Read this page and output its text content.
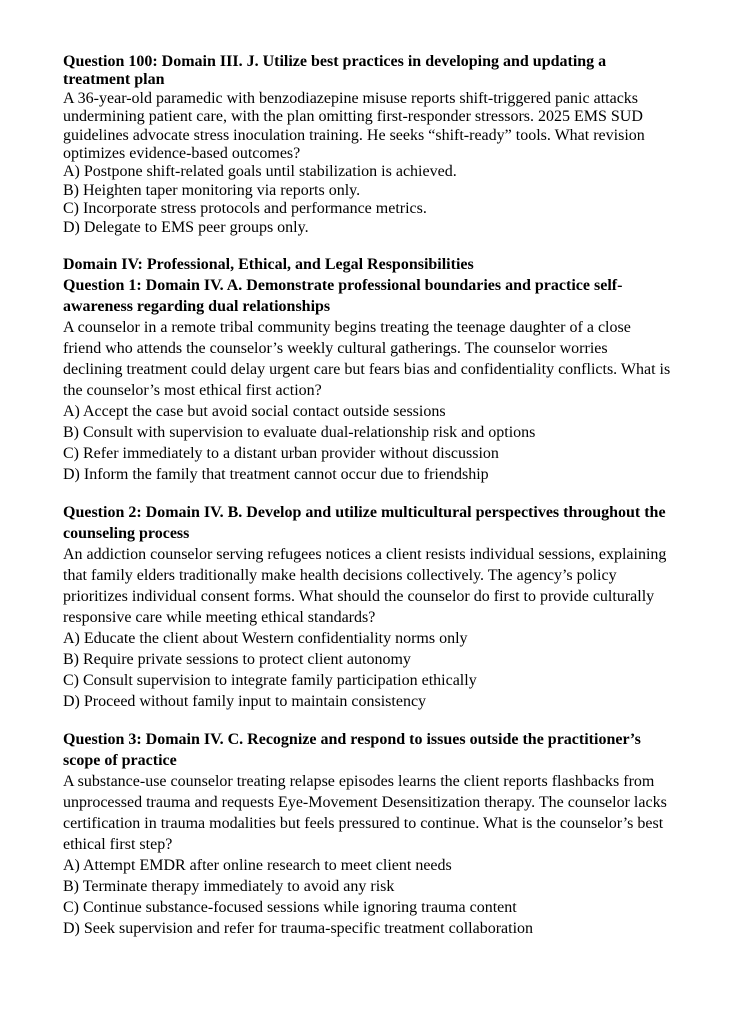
Question 100: Domain III. J. Utilize best practices in developing and updating a treatment plan

A 36-year-old paramedic with benzodiazepine misuse reports shift-triggered panic attacks undermining patient care, with the plan omitting first-responder stressors. 2025 EMS SUD guidelines advocate stress inoculation training. He seeks “shift-ready” tools. What revision optimizes evidence-based outcomes?

A) Postpone shift-related goals until stabilization is achieved.

B) Heighten taper monitoring via reports only.

C) Incorporate stress protocols and performance metrics.

D) Delegate to EMS peer groups only.

Domain IV: Professional, Ethical, and Legal Responsibilities
Question 1: Domain IV. A. Demonstrate professional boundaries and practice self-awareness regarding dual relationships

A counselor in a remote tribal community begins treating the teenage daughter of a close friend who attends the counselor’s weekly cultural gatherings. The counselor worries declining treatment could delay urgent care but fears bias and confidentiality conflicts. What is the counselor’s most ethical first action?

A) Accept the case but avoid social contact outside sessions

B) Consult with supervision to evaluate dual-relationship risk and options

C) Refer immediately to a distant urban provider without discussion

D) Inform the family that treatment cannot occur due to friendship

Question 2: Domain IV. B. Develop and utilize multicultural perspectives throughout the counseling process

An addiction counselor serving refugees notices a client resists individual sessions, explaining that family elders traditionally make health decisions collectively. The agency’s policy prioritizes individual consent forms. What should the counselor do first to provide culturally responsive care while meeting ethical standards?

A) Educate the client about Western confidentiality norms only

B) Require private sessions to protect client autonomy

C) Consult supervision to integrate family participation ethically

D) Proceed without family input to maintain consistency

Question 3: Domain IV. C. Recognize and respond to issues outside the practitioner’s scope of practice

A substance-use counselor treating relapse episodes learns the client reports flashbacks from unprocessed trauma and requests Eye-Movement Desensitization therapy. The counselor lacks certification in trauma modalities but feels pressured to continue. What is the counselor’s best ethical first step?

A) Attempt EMDR after online research to meet client needs

B) Terminate therapy immediately to avoid any risk

C) Continue substance-focused sessions while ignoring trauma content

D) Seek supervision and refer for trauma-specific treatment collaboration
